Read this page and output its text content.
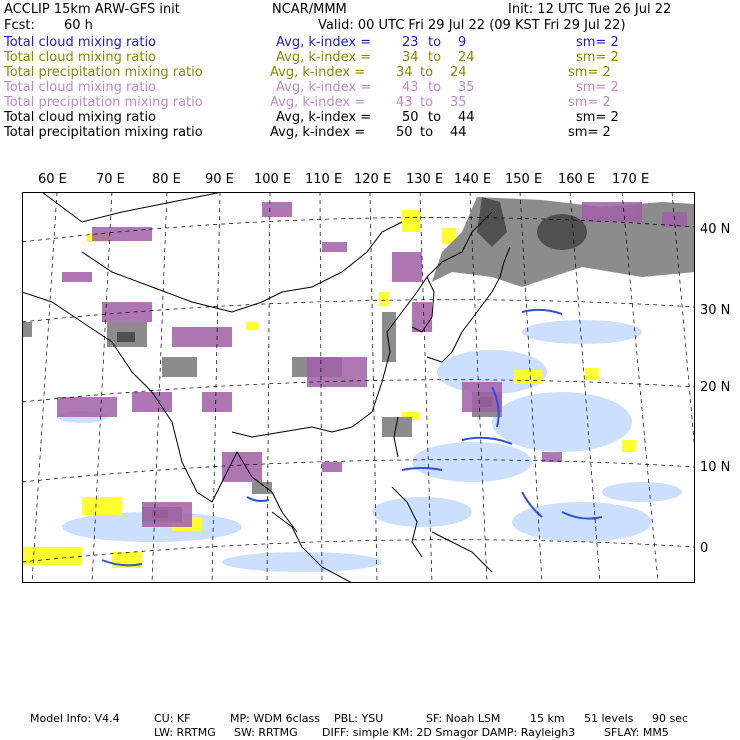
ACCLIP 15km ARW-GFS init	NCAR/MMM	Init: 12 UTC Tue 26 Jul 22
Fcst: 60 h	Valid: 00 UTC Fri 29 Jul 22 (09 KST Fri 29 Jul 22)
Total cloud mixing ratio	Avg, k-index = 23 to 9	sm= 2
Total cloud mixing ratio	Avg, k-index = 34 to 24	sm= 2
Total precipitation mixing ratio	Avg, k-index = 34 to 24	sm= 2
Total cloud mixing ratio	Avg, k-index = 43 to 35	sm= 2
Total precipitation mixing ratio	Avg, k-index = 43 to 35	sm= 2
Total cloud mixing ratio	Avg, k-index = 50 to 44	sm= 2
Total precipitation mixing ratio	Avg, k-index = 50 to 44	sm= 2
60 E 70 E 80 E 90 E 100 E 110 E 120 E 130 E 140 E 150 E 160 E 170 E
40 N
30 N
20 N
10 N
0
Model Info: V4.4	CU: KF	MP: WDM 6class PBL: YSU	SF: Noah LSM	15 km 51 levels 90 sec
LW: RRTMG SW: RRTMG DIFF: simple KM: 2D Smagor DAMP: Rayleigh3	SFLAY: MM5
